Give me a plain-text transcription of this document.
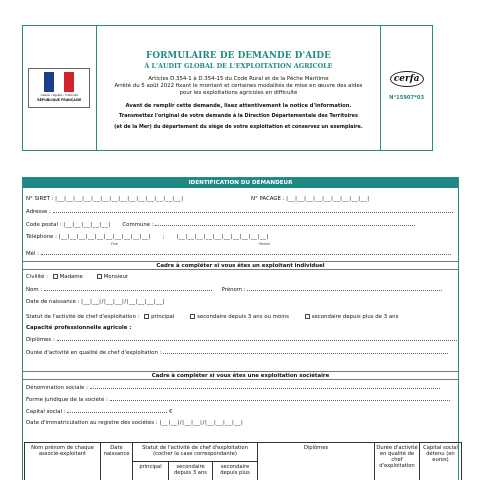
Liberté • Égalité • Fraternité
RÉPUBLIQUE FRANÇAISE
FORMULAIRE DE DEMANDE D'AIDE
À L'AUDIT GLOBAL DE L'EXPLOITATION AGRICOLE
Articles D.354-1 à D.354-15 du Code Rural et de la Pêche Maritime
Arrêté du 5 août 2022 fixant le montant et certaines modalités de mise en œuvre des aides
pour les exploitations agricoles en difficulté
Avant de remplir cette demande, lisez attentivement la notice d'information.
Transmettez l'original de votre demande à la Direction Départementale des Territoires
(et de la Mer) du département du siège de votre exploitation et conservez un exemplaire.
cerfa
N°15907*03
IDENTIFICATION DU DEMANDEUR
N° SIRET : |__|__|__|__|__|__|__|__|__|__|__|__|__|__|	N° PACAGE : |__|__|__|__|__|__|__|__|__|
Adresse :
Code postal : |__|__|__|__|__| Commune :
Téléphone : |__|__|__|__|__|__|__|__|__|__| ; |__|__|__|__|__|__|__|__|__|__|
Fixe	Mobile
Mél :
Cadre à compléter si vous êtes un exploitant individuel
Civilité : Madame	Monsieur
Nom :	Prénom :
Date de naissance : |__|__|/|__|__|/|__|__|__|__|
Statut de l'activité de chef d'exploitation : principal	secondaire depuis 3 ans ou moins	secondaire depuis plus de 3 ans
Capacité professionnelle agricole :
Diplômes :
Durée d'activité en qualité de chef d'exploitation :
Cadre à compléter si vous êtes une exploitation sociétaire
Dénomination sociale :
Forme juridique de la société :
Capital social :	€
Date d'immatriculation au registre des sociétés : |__|__|/|__|__|/|__|__|__|__|
Nom prénom de chaque associé-exploitant	Date naissance	Statut de l'activité de chef d'exploitation (cocher la case correspondante)			Diplômes	Durée d'activité en qualité de chef d'exploitation	Capital social détenu (en euros)
		principal	secondaire depuis 3 ans	secondaire depuis plus			
